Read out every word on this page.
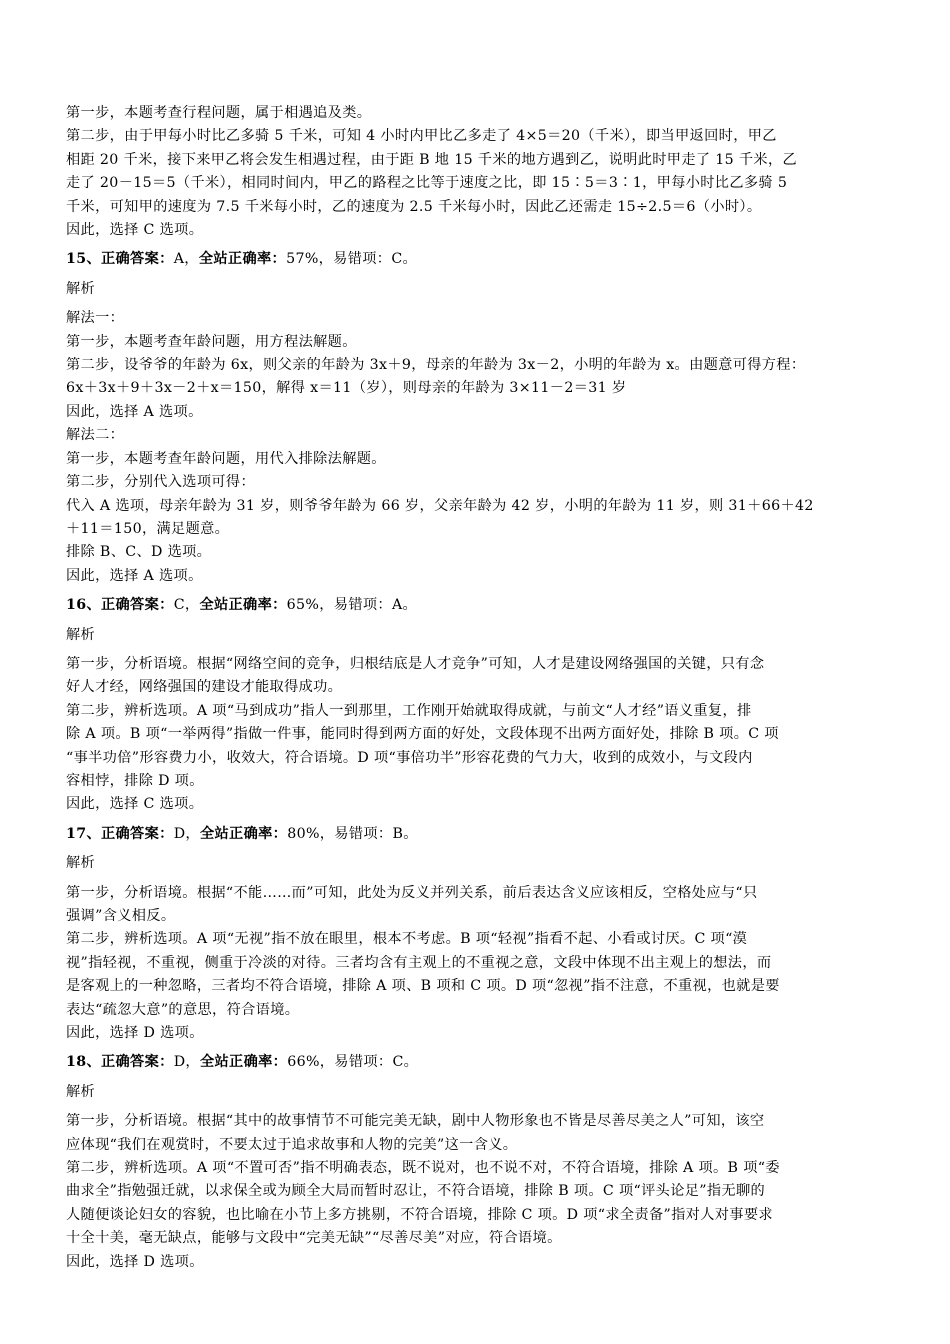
第一步，本题考查行程问题，属于相遇追及类。
第二步，由于甲每小时比乙多骑 5 千米，可知 4 小时内甲比乙多走了 4×5＝20（千米），即当甲返回时，甲乙
相距 20 千米，接下来甲乙将会发生相遇过程，由于距 B 地 15 千米的地方遇到乙，说明此时甲走了 15 千米，乙
走了 20－15＝5（千米），相同时间内，甲乙的路程之比等于速度之比，即 15∶5＝3∶1，甲每小时比乙多骑 5
千米，可知甲的速度为 7.5 千米每小时，乙的速度为 2.5 千米每小时，因此乙还需走 15÷2.5＝6（小时）。
因此，选择 C 选项。
15、正确答案：A，全站正确率：57%，易错项：C。
解析
解法一：
第一步，本题考查年龄问题，用方程法解题。
第二步，设爷爷的年龄为 6x，则父亲的年龄为 3x＋9，母亲的年龄为 3x－2，小明的年龄为 x。由题意可得方程：
6x＋3x＋9＋3x－2＋x＝150，解得 x＝11（岁），则母亲的年龄为 3×11－2＝31 岁
因此，选择 A 选项。
解法二：
第一步，本题考查年龄问题，用代入排除法解题。
第二步，分别代入选项可得：
代入 A 选项，母亲年龄为 31 岁，则爷爷年龄为 66 岁，父亲年龄为 42 岁，小明的年龄为 11 岁，则 31＋66＋42
＋11＝150，满足题意。
排除 B、C、D 选项。
因此，选择 A 选项。
16、正确答案：C，全站正确率：65%，易错项：A。
解析
第一步，分析语境。根据“网络空间的竞争，归根结底是人才竞争”可知，人才是建设网络强国的关键，只有念
好人才经，网络强国的建设才能取得成功。
第二步，辨析选项。A 项“马到成功”指人一到那里，工作刚开始就取得成就，与前文“人才经”语义重复，排
除 A 项。B 项“一举两得”指做一件事，能同时得到两方面的好处，文段体现不出两方面好处，排除 B 项。C 项
“事半功倍”形容费力小，收效大，符合语境。D 项“事倍功半”形容花费的气力大，收到的成效小，与文段内
容相悖，排除 D 项。
因此，选择 C 选项。
17、正确答案：D，全站正确率：80%，易错项：B。
解析
第一步，分析语境。根据“不能……而”可知，此处为反义并列关系，前后表达含义应该相反，空格处应与“只
强调”含义相反。
第二步，辨析选项。A 项“无视”指不放在眼里，根本不考虑。B 项“轻视”指看不起、小看或讨厌。C 项“漠
视”指轻视，不重视，侧重于冷淡的对待。三者均含有主观上的不重视之意，文段中体现不出主观上的想法，而
是客观上的一种忽略，三者均不符合语境，排除 A 项、B 项和 C 项。D 项“忽视”指不注意，不重视，也就是要
表达“疏忽大意”的意思，符合语境。
因此，选择 D 选项。
18、正确答案：D，全站正确率：66%，易错项：C。
解析
第一步，分析语境。根据“其中的故事情节不可能完美无缺，剧中人物形象也不皆是尽善尽美之人”可知，该空
应体现“我们在观赏时，不要太过于追求故事和人物的完美”这一含义。
第二步，辨析选项。A 项“不置可否”指不明确表态，既不说对，也不说不对，不符合语境，排除 A 项。B 项“委
曲求全”指勉强迁就，以求保全或为顾全大局而暂时忍让，不符合语境，排除 B 项。C 项“评头论足”指无聊的
人随便谈论妇女的容貌，也比喻在小节上多方挑剔，不符合语境，排除 C 项。D 项“求全责备”指对人对事要求
十全十美，毫无缺点，能够与文段中“完美无缺”“尽善尽美”对应，符合语境。
因此，选择 D 选项。
